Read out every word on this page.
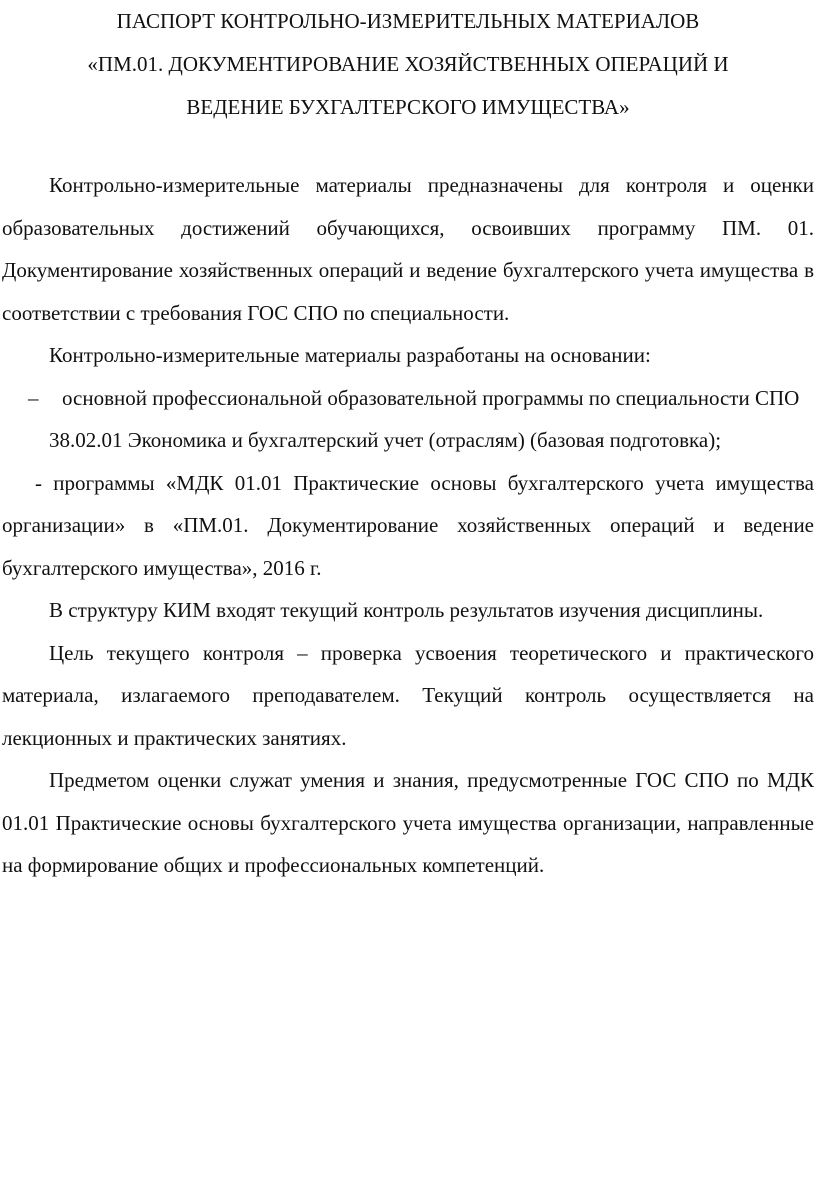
ПАСПОРТ КОНТРОЛЬНО-ИЗМЕРИТЕЛЬНЫХ МАТЕРИАЛОВ
«ПМ.01. ДОКУМЕНТИРОВАНИЕ ХОЗЯЙСТВЕННЫХ ОПЕРАЦИЙ И
ВЕДЕНИЕ БУХГАЛТЕРСКОГО ИМУЩЕСТВА»

Контрольно-измерительные материалы предназначены для контроля и оценки образовательных достижений обучающихся, освоивших программу ПМ. 01. Документирование хозяйственных операций и ведение бухгалтерского учета имущества в соответствии с требования ГОС СПО по специальности.

Контрольно-измерительные материалы разработаны на основании:

– основной профессиональной образовательной программы по специальности СПО

38.02.01 Экономика и бухгалтерский учет (отраслям) (базовая подготовка);

- программы «МДК 01.01 Практические основы бухгалтерского учета имущества организации» в «ПМ.01. Документирование хозяйственных операций и ведение бухгалтерского имущества», 2016 г.

В структуру КИМ входят текущий контроль результатов изучения дисциплины.

Цель текущего контроля – проверка усвоения теоретического и практического материала, излагаемого преподавателем. Текущий контроль осуществляется на лекционных и практических занятиях.

Предметом оценки служат умения и знания, предусмотренные ГОС СПО по МДК 01.01 Практические основы бухгалтерского учета имущества организации, направленные на формирование общих и профессиональных компетенций.
